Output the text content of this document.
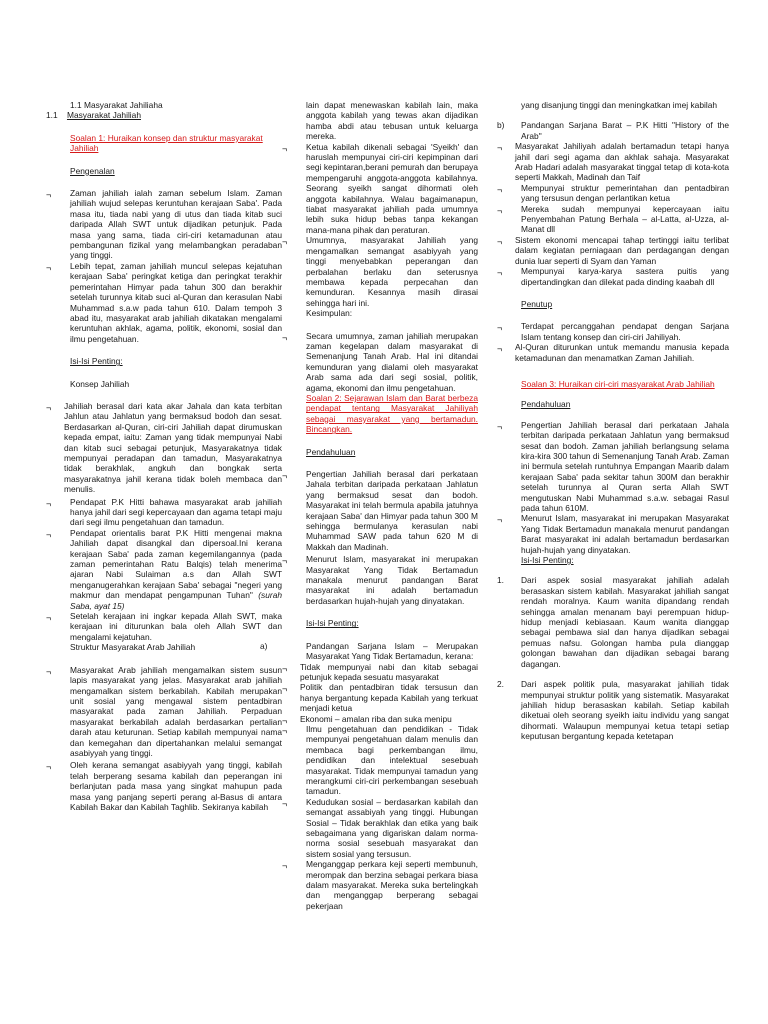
1.1 Masyarakat Jahiliaha

1.1 Masyarakat Jahiliah

Soalan 1: Huraikan konsep dan struktur masyarakat Jahiliah

Pengenalan

¬ Zaman jahiliah ialah zaman sebelum Islam. Zaman jahiliah wujud selepas keruntuhan kerajaan Saba'. Pada masa itu, tiada nabi yang di utus dan tiada kitab suci daripada Allah SWT untuk dijadikan petunjuk. Pada masa yang sama, tiada ciri-ciri ketamadunan atau pembangunan fizikal yang melambangkan peradaban yang tinggi.
¬ Lebih tepat, zaman jahiliah muncul selepas kejatuhan kerajaan Saba' peringkat ketiga dan peringkat terakhir pemerintahan Himyar pada tahun 300 dan berakhir setelah turunnya kitab suci al-Quran dan kerasulan Nabi Muhammad s.a.w pada tahun 610. Dalam tempoh 3 abad itu, masyarakat arab jahiliah dikatakan mengalami keruntuhan akhlak, agama, politik, ekonomi, sosial dan ilmu pengetahuan.

Isi-Isi Penting:

Konsep Jahiliah

¬ Jahiliah berasal dari kata akar Jahala dan kata terbitan Jahlun atau Jahlatun yang bermaksud bodoh dan sesat. Berdasarkan al-Quran, ciri-ciri Jahiliah dapat dirumuskan kepada empat, iaitu: Zaman yang tidak mempunyai Nabi dan kitab suci sebagai petunjuk, Masyarakatnya tidak mempunyai peradapan dan tamadun, Masyarakatnya tidak berakhlak, angkuh dan bongkak serta masyarakatnya jahil kerana tidak boleh membaca dan menulis.
¬ Pendapat P.K Hitti bahawa masyarakat arab jahiliah hanya jahil dari segi kepercayaan dan agama tetapi maju dari segi ilmu pengetahuan dan tamadun.
¬ Pendapat orientalis barat P.K Hitti mengenai makna Jahiliah dapat disangkal dan dipersoal.Ini kerana kerajaan Saba' pada zaman kegemilangannya (pada zaman pemerintahan Ratu Balqis) telah menerima ajaran Nabi Sulaiman a.s dan Allah SWT menganugerahkan kerajaan Saba' sebagai "negeri yang makmur dan mendapat pengampunan Tuhan" (surah Saba, ayat 15)
¬ Setelah kerajaan ini ingkar kepada Allah SWT, maka kerajaan ini diturunkan bala oleh Allah SWT dan mengalami kejatuhan.

Struktur Masyarakat Arab Jahiliah

¬ Masyarakat Arab jahiliah mengamalkan sistem susun lapis masyarakat yang jelas. Masyarakat arab jahiliah mengamalkan sistem berkabilah. Kabilah merupakan unit sosial yang mengawal sistem pentadbiran masyarakat pada zaman Jahiliah. Perpaduan masyarakat berkabilah adalah berdasarkan pertalian darah atau keturunan. Setiap kabilah mempunyai nama dan kemegahan dan dipertahankan melalui semangat asabiyyah yang tinggi.
¬ Oleh kerana semangat asabiyyah yang tinggi, kabilah telah berperang sesama kabilah dan peperangan ini berlanjutan pada masa yang singkat mahupun pada masa yang panjang seperti perang al-Basus di antara Kabilah Bakar dan Kabilah Taghlib. Sekiranya kabilah

lain dapat menewaskan kabilah lain, maka anggota kabilah yang tewas akan dijadikan hamba abdi atau tebusan untuk keluarga mereka.

¬ Ketua kabilah dikenali sebagai 'Syeikh' dan haruslah mempunyai ciri-ciri kepimpinan dari segi kepintaran,berani pemurah dan berupaya mempengaruhi anggota-anggota kabilahnya. Seorang syeikh sangat dihormati oleh anggota kabilahnya. Walau bagaimanapun, tiabat masyarakat jahiliah pada umumnya lebih suka hidup bebas tanpa kekangan mana-mana pihak dan peraturan.
¬ Umumnya, masyarakat Jahiliah yang mengamalkan semangat asabiyyah yang tinggi menyebabkan peperangan dan perbalahan berlaku dan seterusnya membawa kepada perpecahan dan kemunduran. Kesannya masih dirasai sehingga hari ini.

Kesimpulan:

¬ Secara umumnya, zaman jahiliah merupakan zaman kegelapan dalam masyarakat di Semenanjung Tanah Arab. Hal ini ditandai kemunduran yang dialami oleh masyarakat Arab sama ada dari segi sosial, politik, agama, ekonomi dan ilmu pengetahuan.

Soalan 2: Sejarawan Islam dan Barat berbeza pendapat tentang Masyarakat Jahiliyah sebagai masyarakat yang bertamadun. Bincangkan.

Pendahuluan

¬ Pengertian Jahiliah berasal dari perkataan Jahala terbitan daripada perkataan Jahlatun yang bermaksud sesat dan bodoh. Masyarakat ini telah bermula apabila jatuhnya kerajaan Saba' dan Himyar pada tahun 300 M sehingga bermulanya kerasulan nabi Muhammad SAW pada tahun 620 M di Makkah dan Madinah.
¬ Menurut Islam, masyarakat ini merupakan Masyarakat Yang Tidak Bertamadun manakala menurut pandangan Barat masyarakat ini adalah bertamadun berdasarkan hujah-hujah yang dinyatakan.

Isi-Isi Penting:

a)	Pandangan Sarjana Islam – Merupakan Masyarakat Yang Tidak Bertamadun, kerana:
¬ Tidak mempunyai nabi dan kitab sebagai petunjuk kepada sesuatu masyarakat
¬ Politik dan pentadbiran tidak tersusun dan hanya bergantung kepada Kabilah yang terkuat menjadi ketua
¬ Ekonomi – amalan riba dan suka menipu
¬ Ilmu pengetahuan dan pendidikan - Tidak mempunyai pengetahuan dalam menulis dan membaca bagi perkembangan ilmu, pendidikan dan intelektual sesebuah masyarakat. Tidak mempunyai tamadun yang merangkumi ciri-ciri perkembangan sesebuah tamadun.
¬ Kedudukan sosial – berdasarkan kabilah dan semangat assabiyah yang tinggi. Hubungan Sosial – Tidak berakhlak dan etika yang baik sebagaimana yang digariskan dalam norma-norma sosial sesebuah masyarakat dan sistem sosial yang tersusun.
¬ Menganggap perkara keji seperti membunuh, merompak dan berzina sebagai perkara biasa dalam masyarakat. Mereka suka bertelingkah dan menganggap berperang sebagai pekerjaan

yang disanjung tinggi dan meningkatkan imej kabilah

b) Pandangan Sarjana Barat – P.K Hitti "History of the Arab"
¬ Masyarakat Jahiliyah adalah bertamadun tetapi hanya jahil dari segi agama dan akhlak sahaja. Masyarakat Arab Hadari adalah masyarakat tinggal tetap di kota-kota seperti Makkah, Madinah dan Taif
¬ Mempunyai struktur pemerintahan dan pentadbiran yang tersusun dengan perlantikan ketua
¬ Mereka sudah mempunyai kepercayaan iaitu Penyembahan Patung Berhala – al-Latta, al-Uzza, al-Manat dll
¬ Sistem ekonomi mencapai tahap tertinggi iaitu terlibat dalam kegiatan perniagaan dan perdagangan dengan dunia luar seperti di Syam dan Yaman
¬ Mempunyai karya-karya sastera puitis yang dipertandingkan dan dilekat pada dinding kaabah dll

Penutup

¬ Terdapat percanggahan pendapat dengan Sarjana Islam tentang konsep dan ciri-ciri Jahiliyah.
¬ Al-Quran diturunkan untuk memandu manusia kepada ketamadunan dan menamatkan Zaman Jahiliah.

Soalan 3: Huraikan ciri-ciri masyarakat Arab Jahiliah

Pendahuluan

¬ Pengertian Jahiliah berasal dari perkataan Jahala terbitan daripada perkataan Jahlatun yang bermaksud sesat dan bodoh. Zaman jahiliah berlangsung selama kira-kira 300 tahun di Semenanjung Tanah Arab. Zaman ini bermula setelah runtuhnya Empangan Maarib dalam kerajaan Saba' pada sekitar tahun 300M dan berakhir setelah turunnya al Quran serta Allah SWT mengutuskan Nabi Muhammad s.a.w. sebagai Rasul pada tahun 610M.
¬ Menurut Islam, masyarakat ini merupakan Masyarakat Yang Tidak Bertamadun manakala menurut pandangan Barat masyarakat ini adalah bertamadun berdasarkan hujah-hujah yang dinyatakan.

Isi-Isi Penting:

1. Dari aspek sosial masyarakat jahiliah adalah berasaskan sistem kabilah. Masyarakat jahiliah sangat rendah moralnya. Kaum wanita dipandang rendah sehingga amalan menanam bayi perempuan hidup-hidup menjadi kebiasaan. Kaum wanita dianggap sebagai pembawa sial dan hanya dijadikan sebagai pemuas nafsu. Golongan hamba pula dianggap golongan bawahan dan dijadikan sebagai barang dagangan.
2. Dari aspek politik pula, masyarakat jahiliah tidak mempunyai struktur politik yang sistematik. Masyarakat jahiliah hidup berasaskan kabilah. Setiap kabilah diketuai oleh seorang syeikh iaitu individu yang sangat dihormati. Walaupun mempunyai ketua tetapi setiap keputusan bergantung kepada ketetapan
